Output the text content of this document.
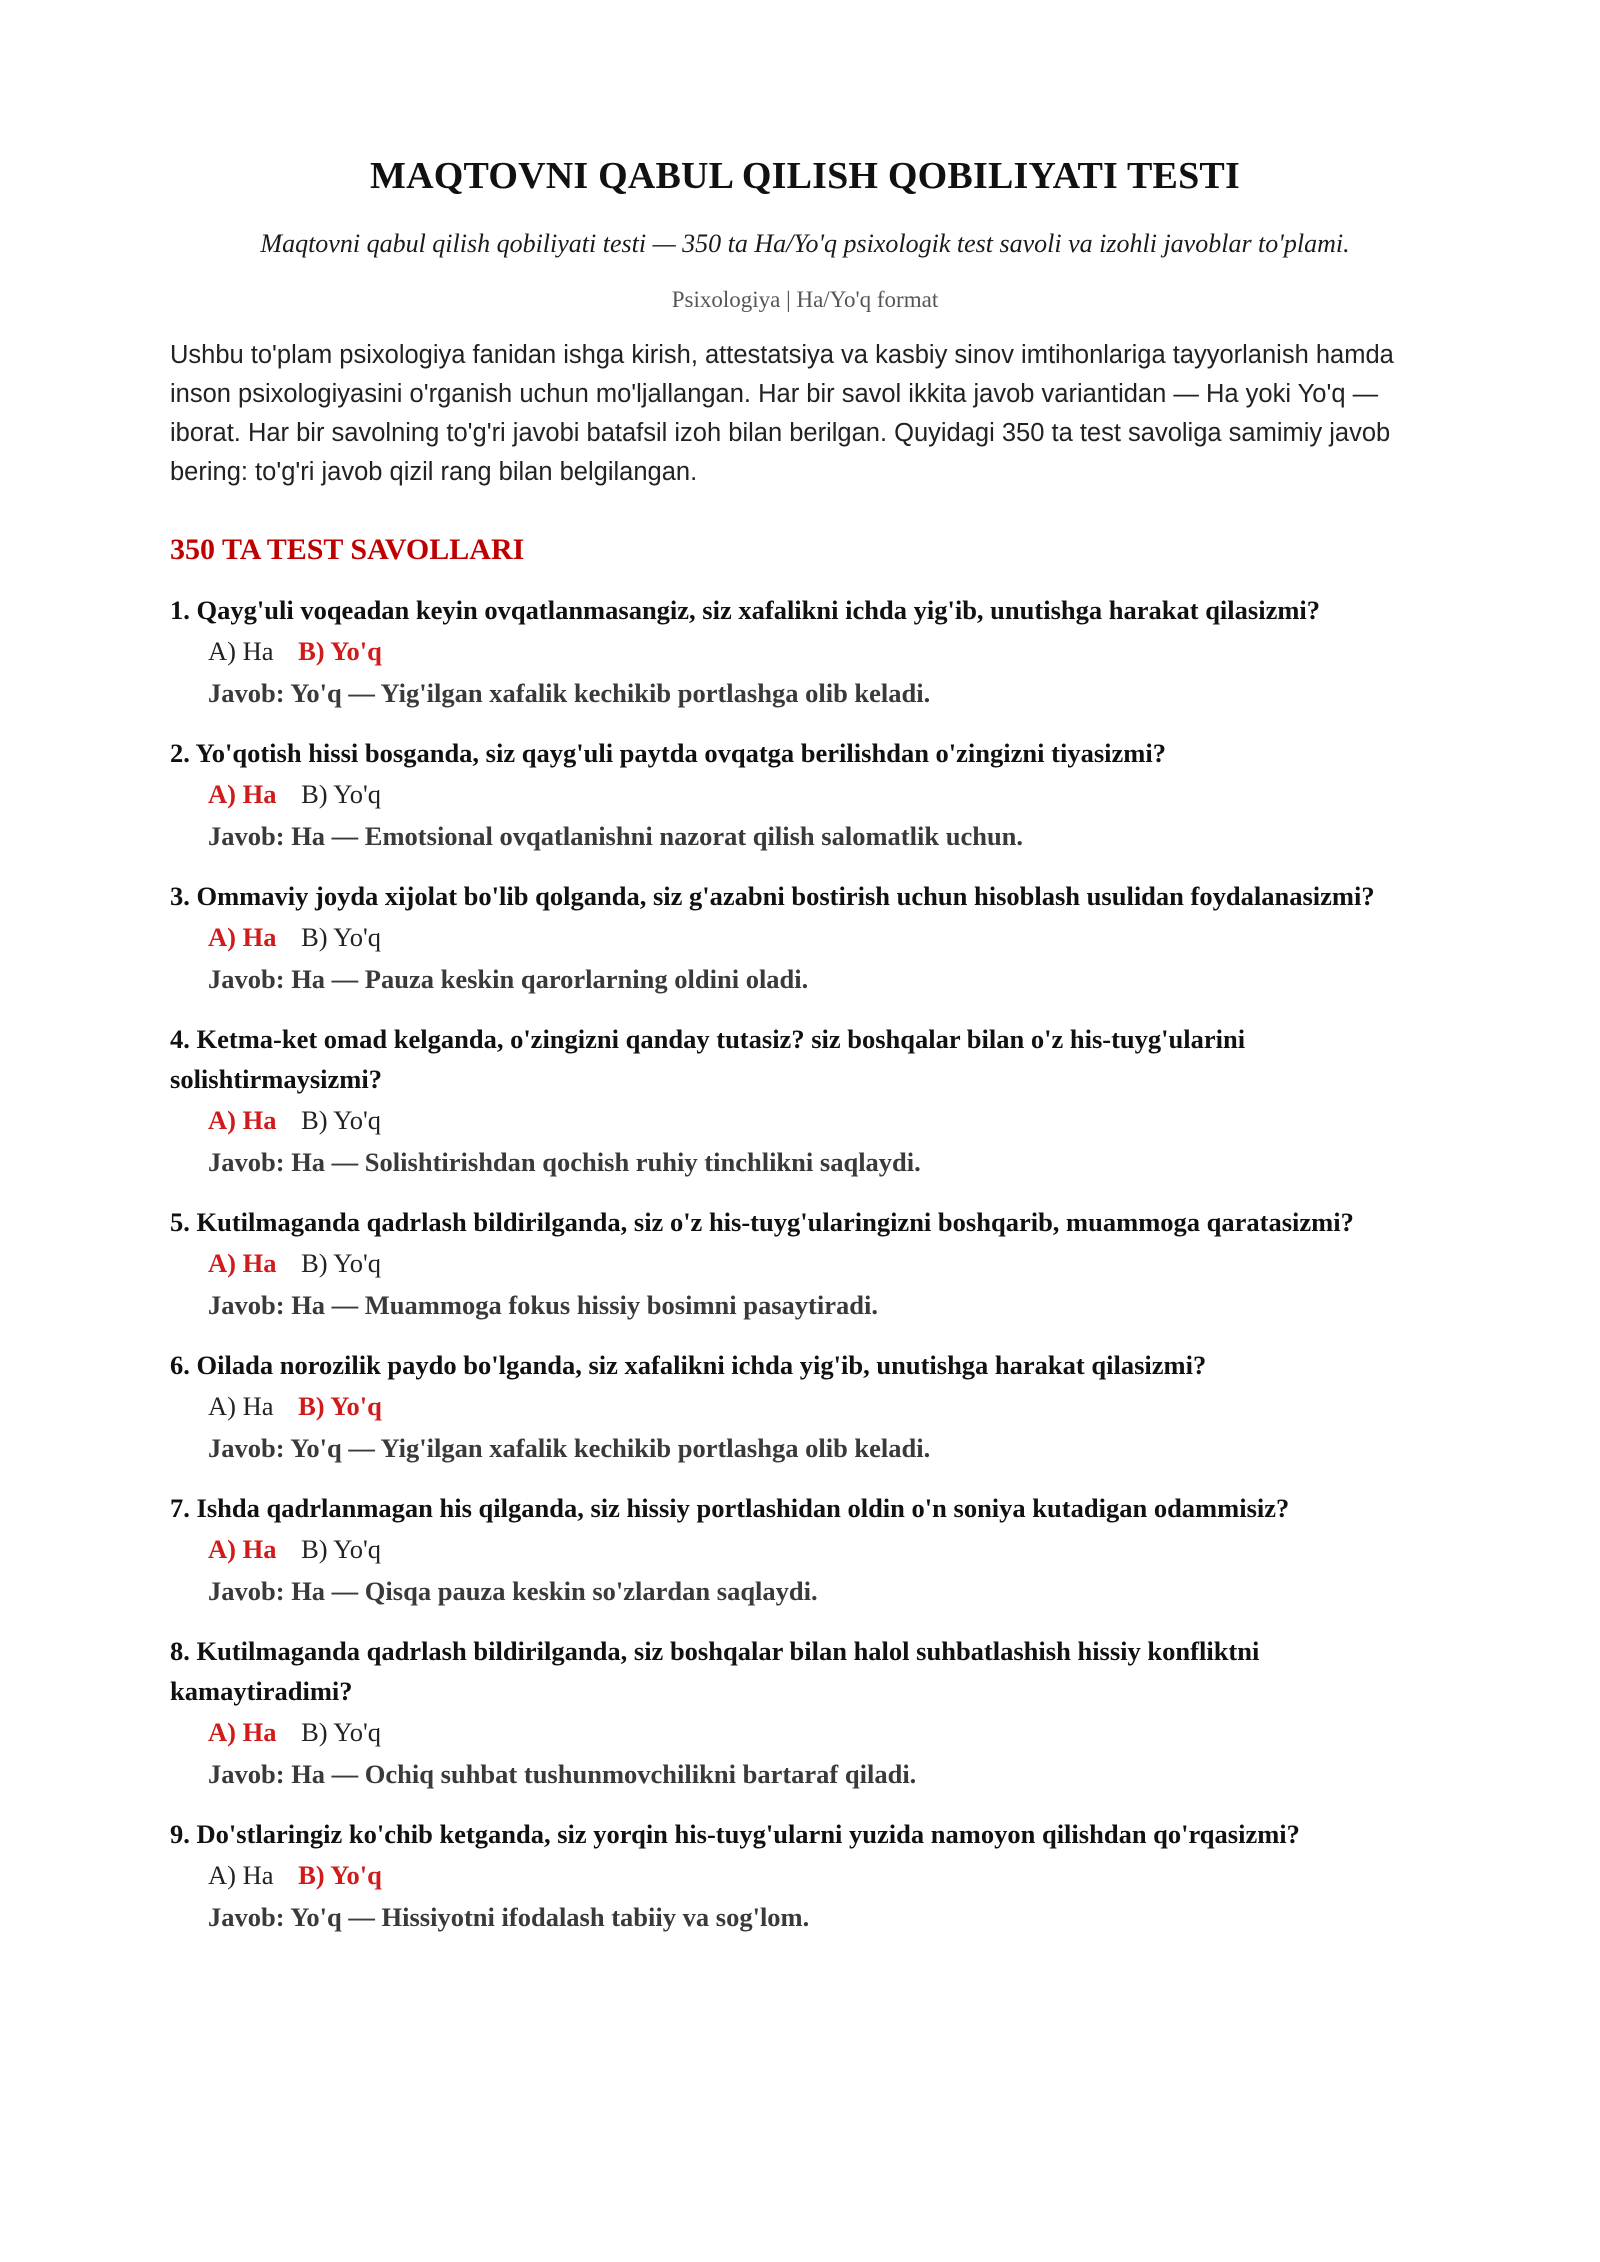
MAQTOVNI QABUL QILISH QOBILIYATI TESTI

Maqtovni qabul qilish qobiliyati testi — 350 ta Ha/Yo'q psixologik test savoli va izohli javoblar to'plami.

Psixologiya | Ha/Yo'q format

Ushbu to'plam psixologiya fanidan ishga kirish, attestatsiya va kasbiy sinov imtihonlariga tayyorlanish hamda inson psixologiyasini o'rganish uchun mo'ljallangan. Har bir savol ikkita javob variantidan — Ha yoki Yo'q — iborat. Har bir savolning to'g'ri javobi batafsil izoh bilan berilgan. Quyidagi 350 ta test savoliga samimiy javob bering: to'g'ri javob qizil rang bilan belgilangan.

350 TA TEST SAVOLLARI
1. Qayg'uli voqeadan keyin ovqatlanmasangiz, siz xafalikni ichda yig'ib, unutishga harakat qilasizmi?
A) Ha B) Yo'q
Javob: Yo'q — Yig'ilgan xafalik kechikib portlashga olib keladi.
2. Yo'qotish hissi bosganda, siz qayg'uli paytda ovqatga berilishdan o'zingizni tiyasizmi?
A) Ha B) Yo'q
Javob: Ha — Emotsional ovqatlanishni nazorat qilish salomatlik uchun.
3. Ommaviy joyda xijolat bo'lib qolganda, siz g'azabni bostirish uchun hisoblash usulidan foydalanasizmi?
A) Ha B) Yo'q
Javob: Ha — Pauza keskin qarorlarning oldini oladi.
4. Ketma-ket omad kelganda, o'zingizni qanday tutasiz? siz boshqalar bilan o'z his-tuyg'ularini solishtirmaysizmi?
A) Ha B) Yo'q
Javob: Ha — Solishtirishdan qochish ruhiy tinchlikni saqlaydi.
5. Kutilmaganda qadrlash bildirilganda, siz o'z his-tuyg'ularingizni boshqarib, muammoga qaratasizmi?
A) Ha B) Yo'q
Javob: Ha — Muammoga fokus hissiy bosimni pasaytiradi.
6. Oilada norozilik paydo bo'lganda, siz xafalikni ichda yig'ib, unutishga harakat qilasizmi?
A) Ha B) Yo'q
Javob: Yo'q — Yig'ilgan xafalik kechikib portlashga olib keladi.
7. Ishda qadrlanmagan his qilganda, siz hissiy portlashidan oldin o'n soniya kutadigan odammisiz?
A) Ha B) Yo'q
Javob: Ha — Qisqa pauza keskin so'zlardan saqlaydi.
8. Kutilmaganda qadrlash bildirilganda, siz boshqalar bilan halol suhbatlashish hissiy konfliktni kamaytiradimi?
A) Ha B) Yo'q
Javob: Ha — Ochiq suhbat tushunmovchilikni bartaraf qiladi.
9. Do'stlaringiz ko'chib ketganda, siz yorqin his-tuyg'ularni yuzida namoyon qilishdan qo'rqasizmi?
A) Ha B) Yo'q
Javob: Yo'q — Hissiyotni ifodalash tabiiy va sog'lom.
